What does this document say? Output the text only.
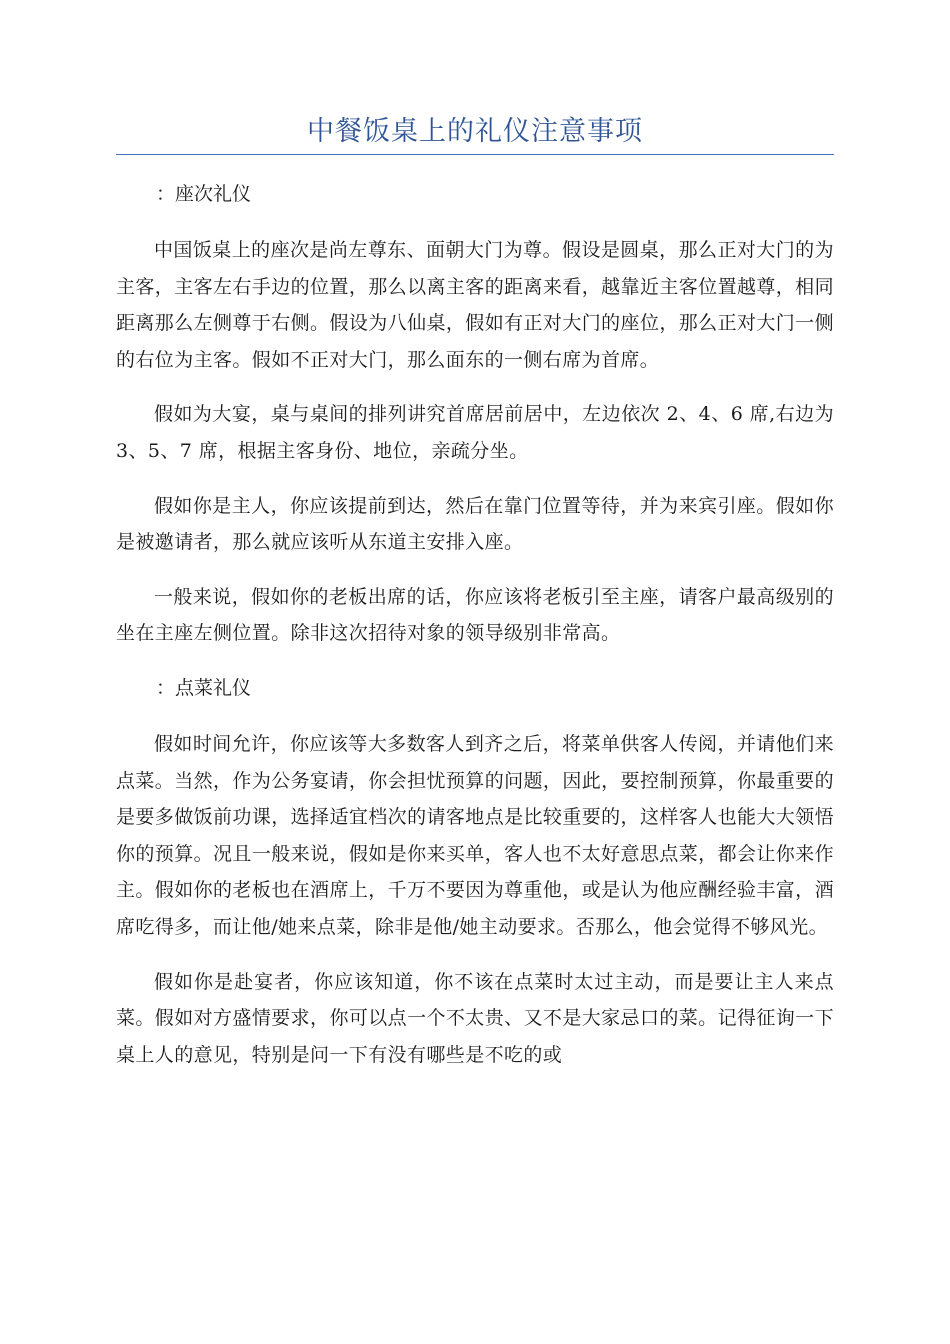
中餐饭桌上的礼仪注意事项

：座次礼仪

中国饭桌上的座次是尚左尊东、面朝大门为尊。假设是圆桌，那么正对大门的为主客，主客左右手边的位置，那么以离主客的距离来看，越靠近主客位置越尊，相同距离那么左侧尊于右侧。假设为八仙桌，假如有正对大门的座位，那么正对大门一侧的右位为主客。假如不正对大门，那么面东的一侧右席为首席。

假如为大宴，桌与桌间的排列讲究首席居前居中，左边依次 2、4、6 席,右边为 3、5、7 席，根据主客身份、地位，亲疏分坐。

假如你是主人，你应该提前到达，然后在靠门位置等待，并为来宾引座。假如你是被邀请者，那么就应该听从东道主安排入座。

一般来说，假如你的老板出席的话，你应该将老板引至主座，请客户最高级别的坐在主座左侧位置。除非这次招待对象的领导级别非常高。

：点菜礼仪

假如时间允许，你应该等大多数客人到齐之后，将菜单供客人传阅，并请他们来点菜。当然，作为公务宴请，你会担忧预算的问题，因此，要控制预算，你最重要的是要多做饭前功课，选择适宜档次的请客地点是比较重要的，这样客人也能大大领悟你的预算。况且一般来说，假如是你来买单，客人也不太好意思点菜，都会让你来作主。假如你的老板也在酒席上，千万不要因为尊重他，或是认为他应酬经验丰富，酒席吃得多，而让他/她来点菜，除非是他/她主动要求。否那么，他会觉得不够风光。

假如你是赴宴者，你应该知道，你不该在点菜时太过主动，而是要让主人来点菜。假如对方盛情要求，你可以点一个不太贵、又不是大家忌口的菜。记得征询一下桌上人的意见，特别是问一下有没有哪些是不吃的或
